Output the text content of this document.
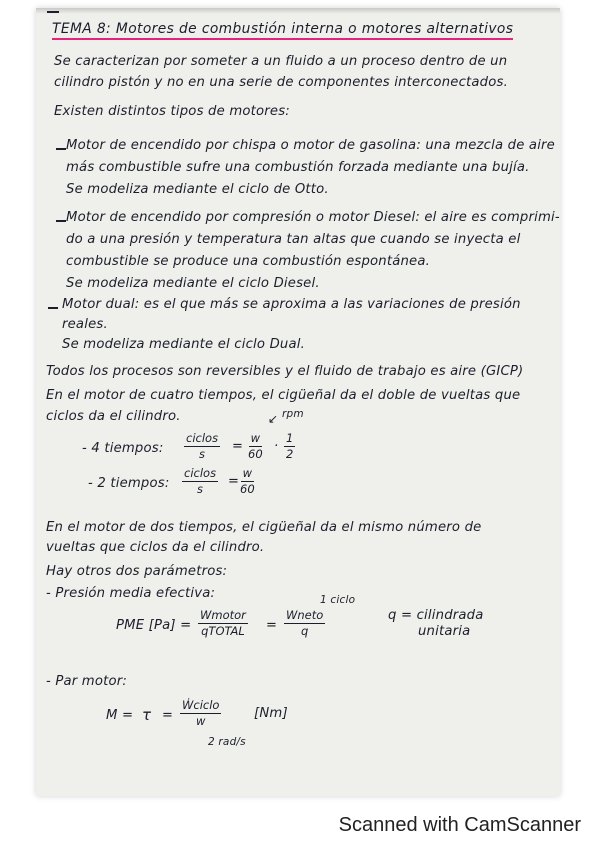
TEMA 8: Motores de combustión interna o motores alternativos
Se caracterizan por someter a un fluido a un proceso dentro de un
cilindro pistón y no en una serie de componentes interconectados.
Existen distintos tipos de motores:
Motor de encendido por chispa o motor de gasolina: una mezcla de aire
más combustible sufre una combustión forzada mediante una bujía.
Se modeliza mediante el ciclo de Otto.
Motor de encendido por compresión o motor Diesel: el aire es comprimi-
do a una presión y temperatura tan altas que cuando se inyecta el
combustible se produce una combustión espontánea.
Se modeliza mediante el ciclo Diesel.
Motor dual: es el que más se aproxima a las variaciones de presión
reales.
Se modeliza mediante el ciclo Dual.
Todos los procesos son reversibles y el fluido de trabajo es aire (GICP)
En el motor de cuatro tiempos, el cigüeñal da el doble de vueltas que
ciclos da el cilindro.
- 4 tiempos:
ciclos
$s = \frac{w}{60} \cdot \frac{1}{2}$
↙ rpm
- 2 tiempos:
ciclos
$s = \frac{w}{60}$
En el motor de dos tiempos, el cigüeñal da el mismo número de
vueltas que ciclos da el cilindro.
Hay otros dos parámetros:
- Presión media efectiva:
PME [Pa] =
Wmotor
qTOTAL =
1 ciclo
Wneto
q
q = cilindrada
unitaria
- Par motor:
M = τ =
Ẇciclo
w	[Nm]
2 rad/s
Scanned with CamScanner
